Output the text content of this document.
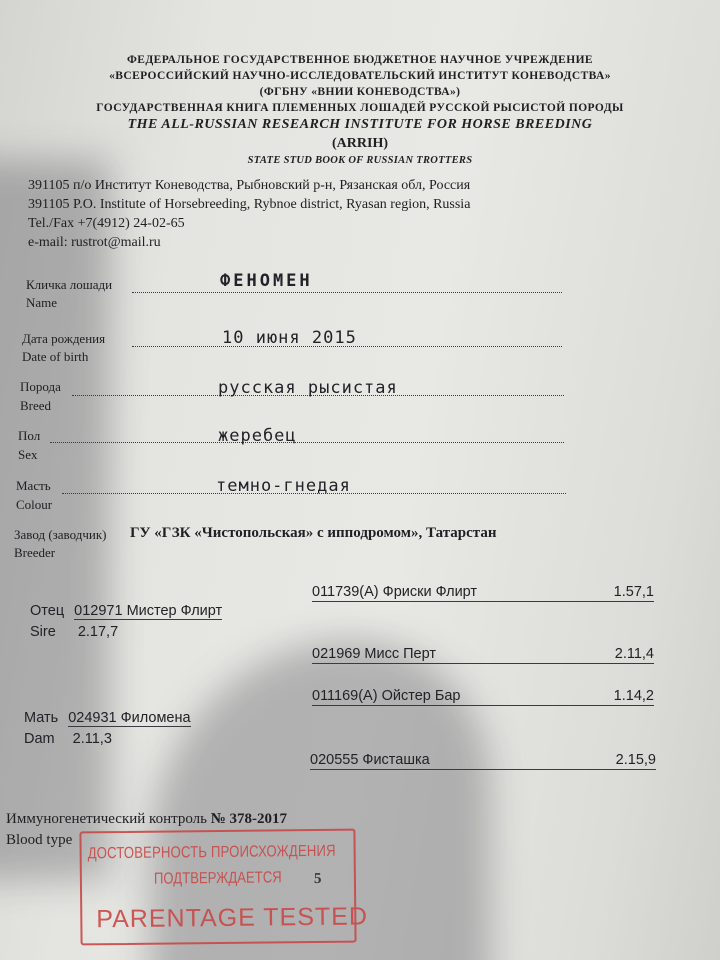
ФЕДЕРАЛЬНОЕ ГОСУДАРСТВЕННОЕ БЮДЖЕТНОЕ НАУЧНОЕ УЧРЕЖДЕНИЕ
«ВСЕРОССИЙСКИЙ НАУЧНО-ИССЛЕДОВАТЕЛЬСКИЙ ИНСТИТУТ КОНЕВОДСТВА»
(ФГБНУ «ВНИИ КОНЕВОДСТВА»)
ГОСУДАРСТВЕННАЯ КНИГА ПЛЕМЕННЫХ ЛОШАДЕЙ РУССКОЙ РЫСИСТОЙ ПОРОДЫ
THE ALL-RUSSIAN RESEARCH INSTITUTE FOR HORSE BREEDING
(ARRIH)
STATE STUD BOOK OF RUSSIAN TROTTERS
391105 п/о Институт Коневодства, Рыбновский р-н, Рязанская обл, Россия
391105 P.O. Institute of Horsebreeding, Rybnoe district, Ryasan region, Russia
Tel./Fax +7(4912) 24-02-65
e-mail: rustrot@mail.ru
Кличка лошади
Name
ФЕНОМЕН
Дата рождения
Date of birth
10 июня 2015
Порода
Breed
русская рысистая
Пол
Sex
жеребец
Масть
Colour
темно-гнедая
Завод (заводчик)
Breeder
ГУ «ГЗК «Чистопольская» с ипподромом», Татарстан
011739(А) Фриски Флирт	1.57,1
Отец 012971 Мистер Флирт
Sire 2.17,7
021969 Мисс Перт	2.11,4
011169(А) Ойстер Бар	1.14,2
Мать 024931 Филомена
Dam 2.11,3
020555 Фисташка	2.15,9
Иммуногенетический контроль № 378-2017
Blood type
ДОСТОВЕРНОСТЬ ПРОИСХОЖДЕНИЯ
ПОДТВЕРЖДАЕТСЯ 5
PARENTAGE TESTED
